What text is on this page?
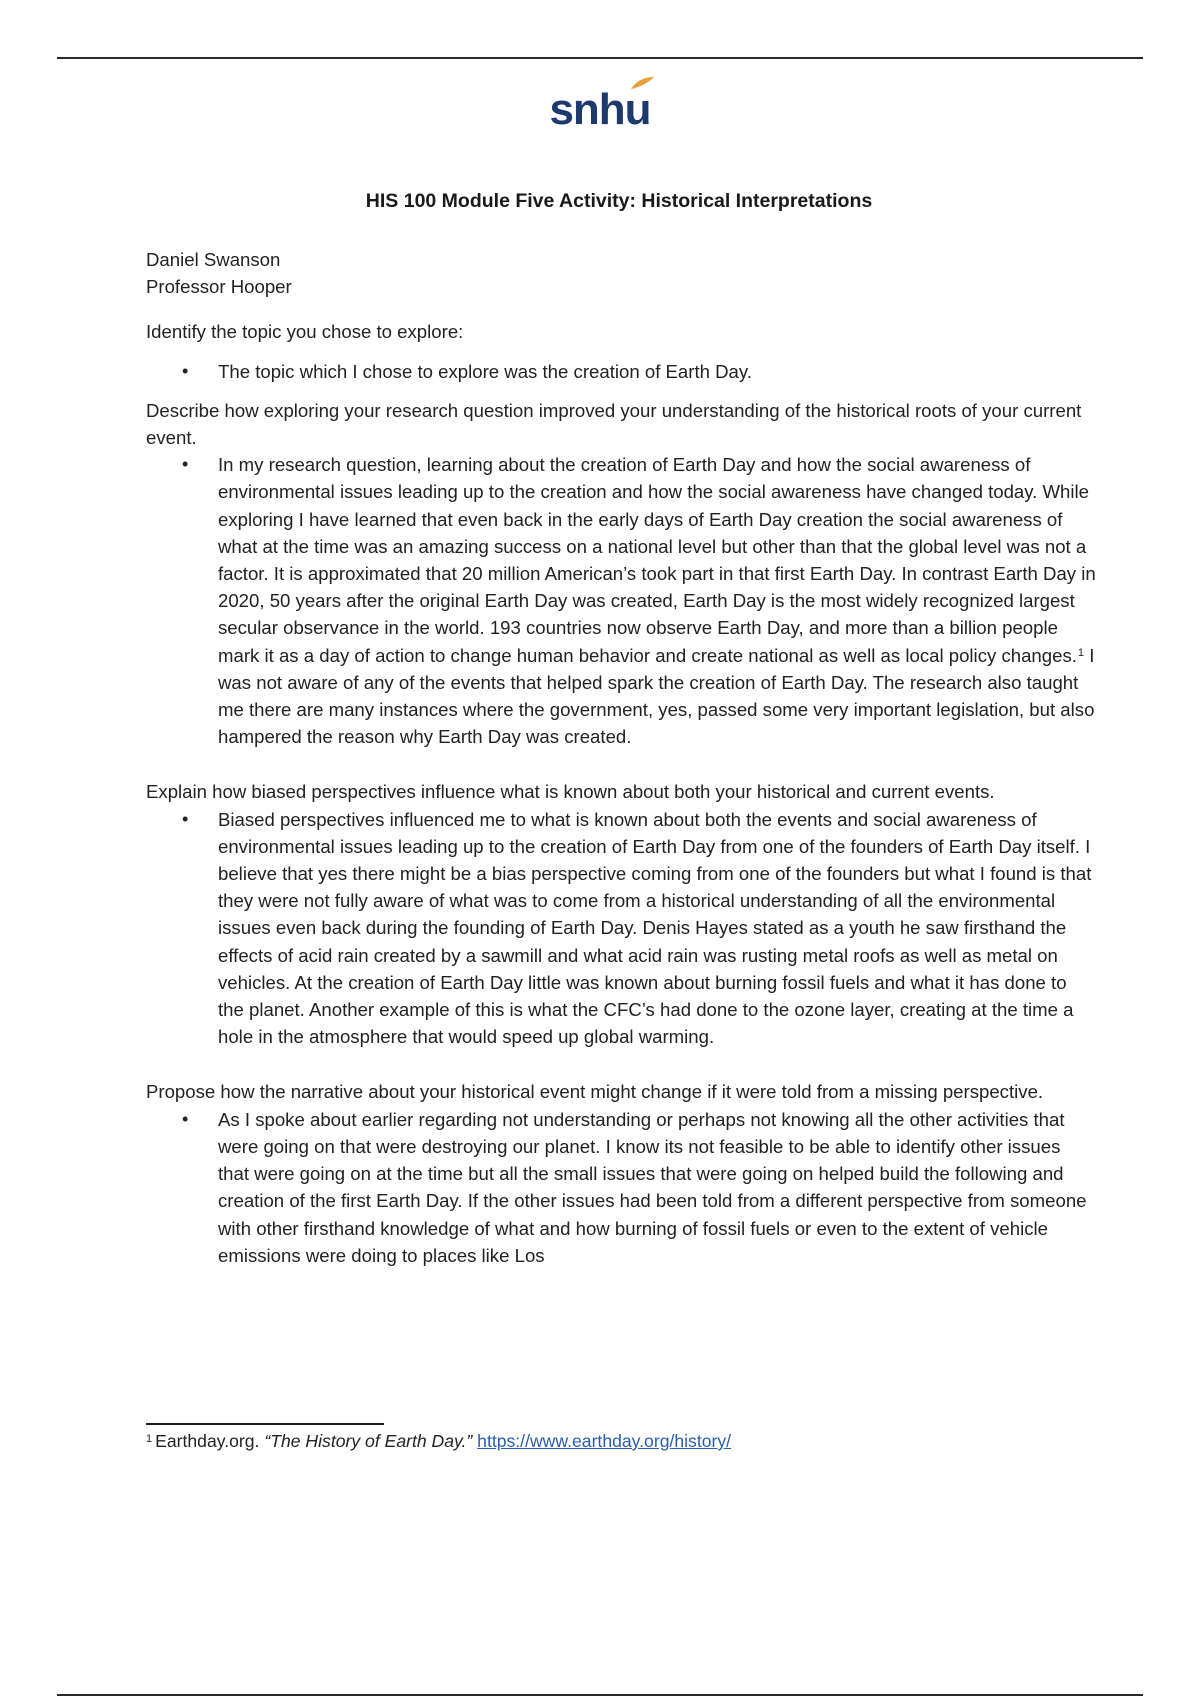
snhu
HIS 100 Module Five Activity: Historical Interpretations

Daniel Swanson

Professor Hooper

Identify the topic you chose to explore:

• The topic which I chose to explore was the creation of Earth Day.

Describe how exploring your research question improved your understanding of the historical roots of your current event.

• In my research question, learning about the creation of Earth Day and how the social awareness of environmental issues leading up to the creation and how the social awareness have changed today. While exploring I have learned that even back in the early days of Earth Day creation the social awareness of what at the time was an amazing success on a national level but other than that the global level was not a factor. It is approximated that 20 million American’s took part in that first Earth Day. In contrast Earth Day in 2020, 50 years after the original Earth Day was created, Earth Day is the most widely recognized largest secular observance in the world. 193 countries now observe Earth Day, and more than a billion people mark it as a day of action to change human behavior and create national as well as local policy changes.$^1$ I was not aware of any of the events that helped spark the creation of Earth Day. The research also taught me there are many instances where the government, yes, passed some very important legislation, but also hampered the reason why Earth Day was created.

Explain how biased perspectives influence what is known about both your historical and current events.

• Biased perspectives influenced me to what is known about both the events and social awareness of environmental issues leading up to the creation of Earth Day from one of the founders of Earth Day itself. I believe that yes there might be a bias perspective coming from one of the founders but what I found is that they were not fully aware of what was to come from a historical understanding of all the environmental issues even back during the founding of Earth Day. Denis Hayes stated as a youth he saw firsthand the effects of acid rain created by a sawmill and what acid rain was rusting metal roofs as well as metal on vehicles. At the creation of Earth Day little was known about burning fossil fuels and what it has done to the planet. Another example of this is what the CFC’s had done to the ozone layer, creating at the time a hole in the atmosphere that would speed up global warming.

Propose how the narrative about your historical event might change if it were told from a missing perspective.

• As I spoke about earlier regarding not understanding or perhaps not knowing all the other activities that were going on that were destroying our planet. I know its not feasible to be able to identify other issues that were going on at the time but all the small issues that were going on helped build the following and creation of the first Earth Day. If the other issues had been told from a different perspective from someone with other firsthand knowledge of what and how burning of fossil fuels or even to the extent of vehicle emissions were doing to places like Los
$^1$ Earthday.org. “The History of Earth Day.” https://www.earthday.org/history/
